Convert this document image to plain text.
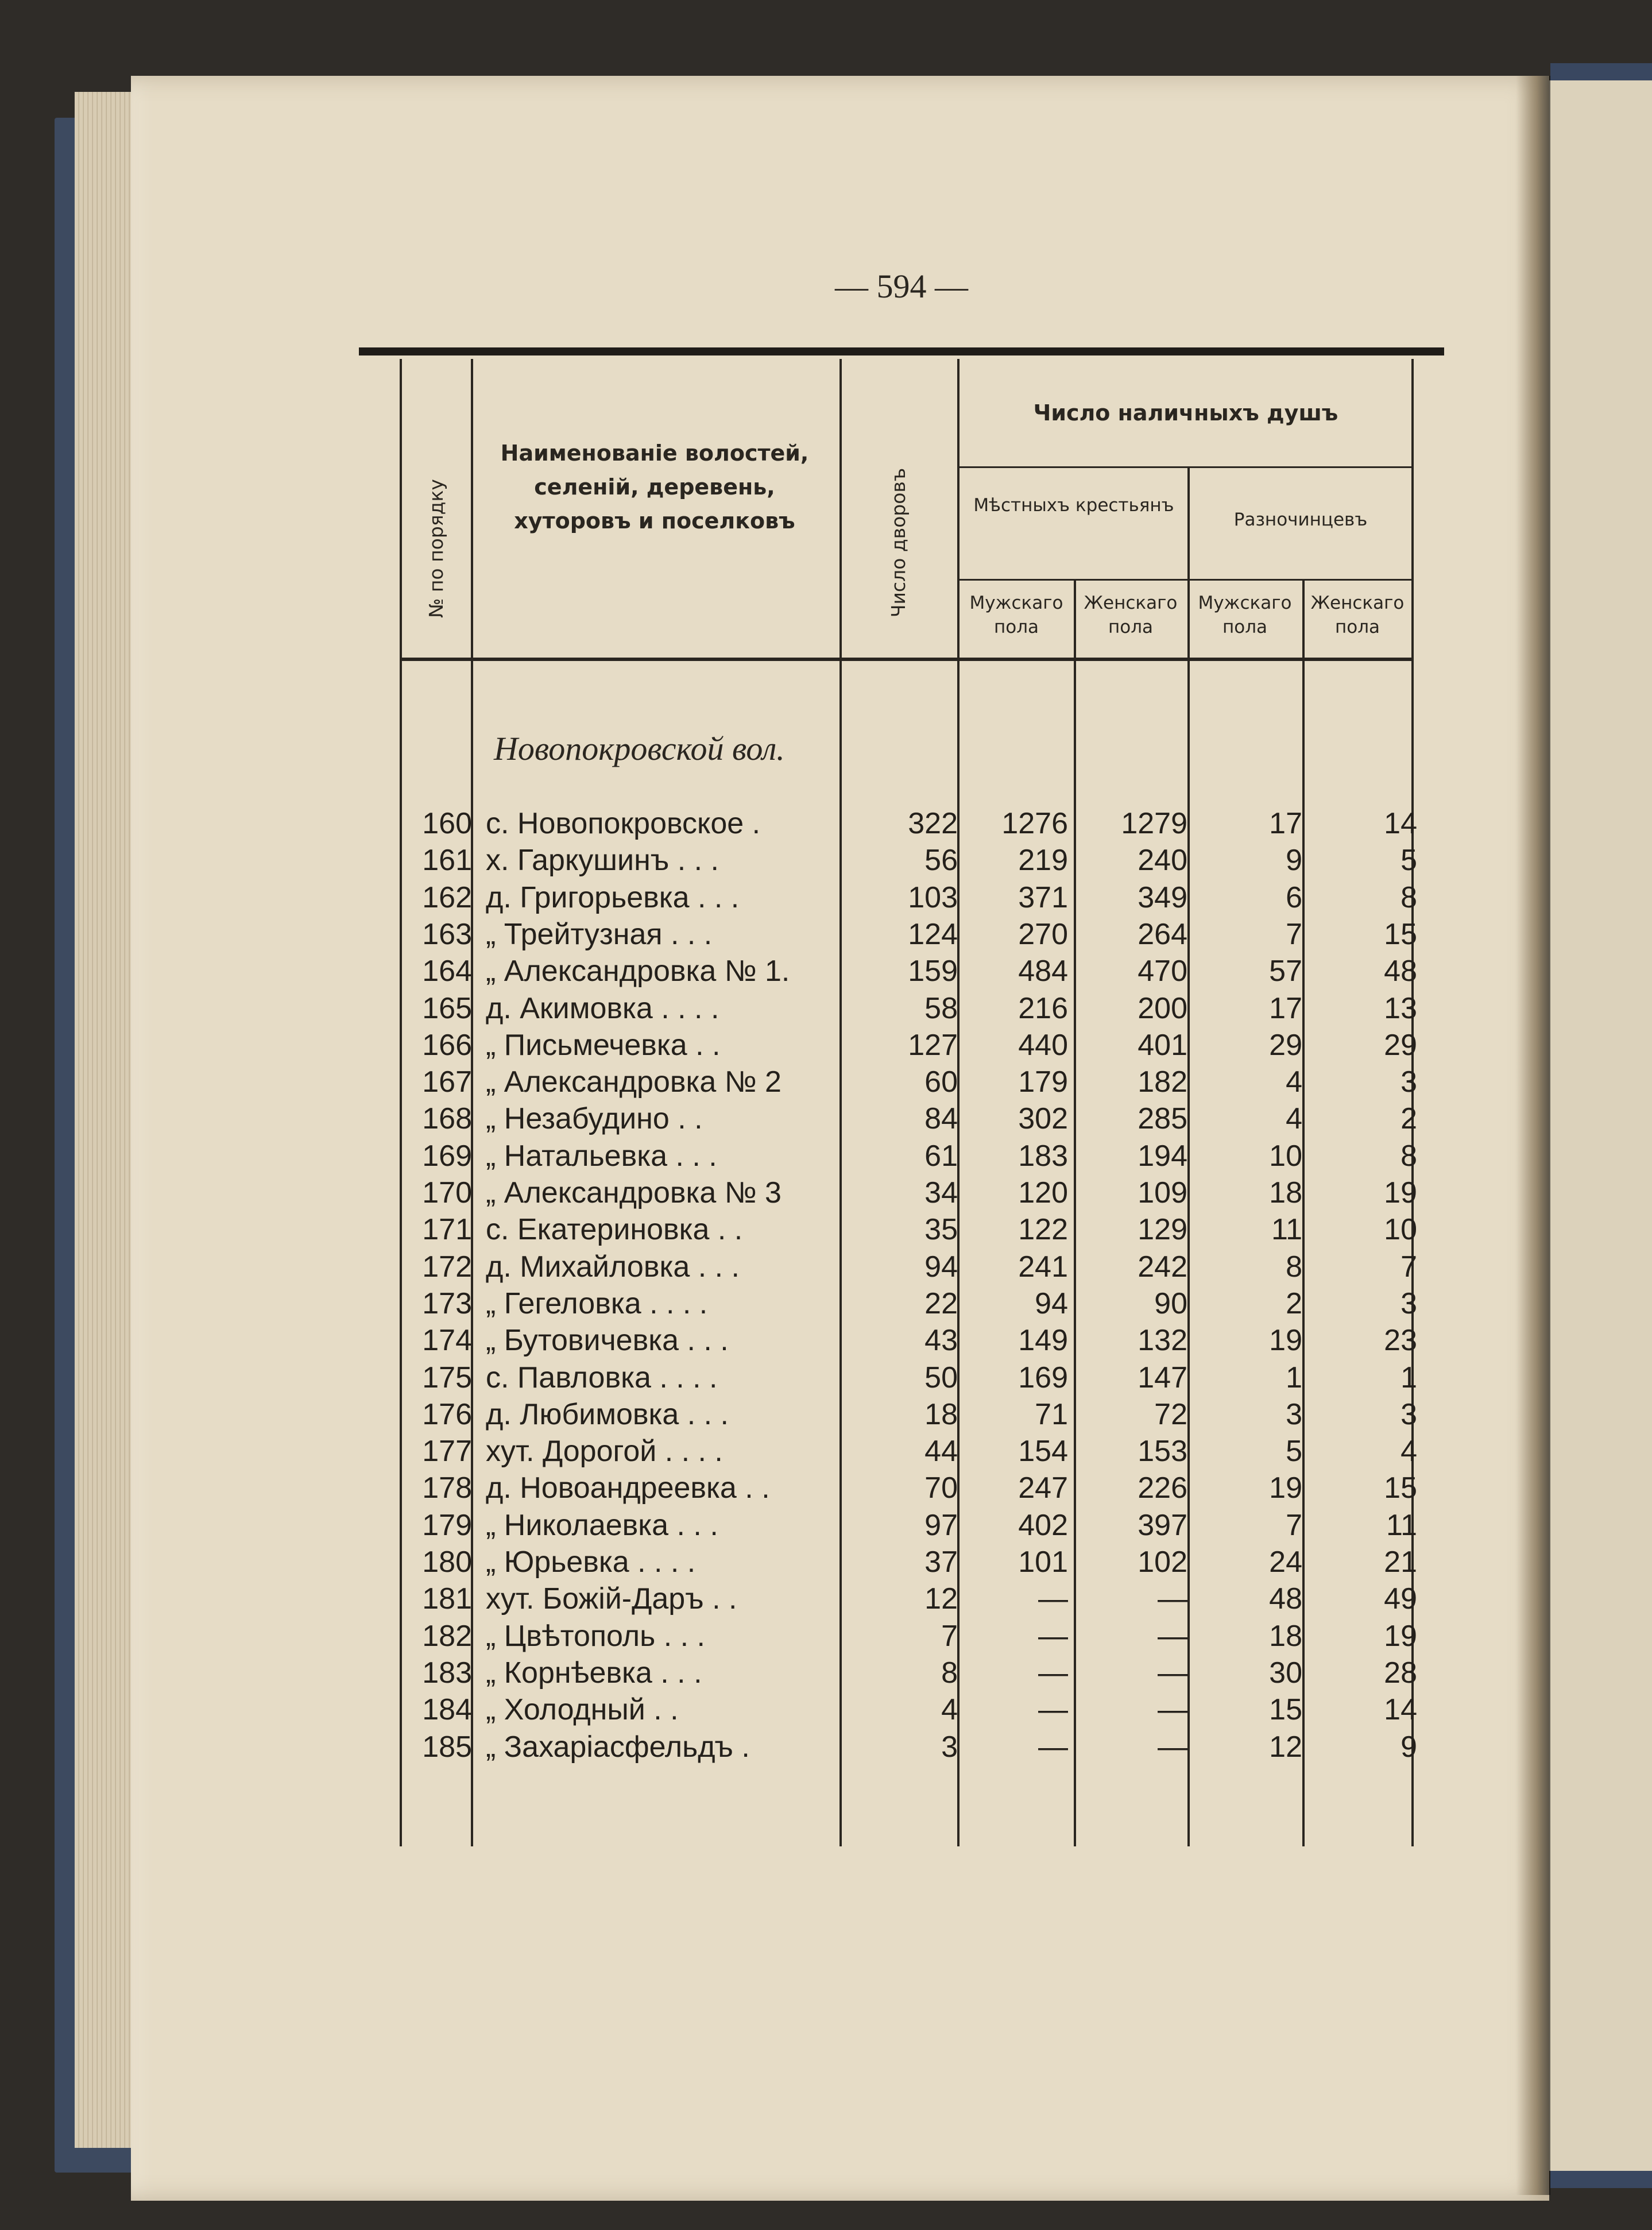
— 594 —
№ по порядку
Наименованіе волостей, селеній, деревень, хуторовъ и поселковъ	Число дворовъ
Число наличныхъ душъ
Мѣстныхъ крестьянъ
Разночинцевъ
Мужскаго пола
Женскаго пола
Мужскаго пола
Женскаго пола
Новопокровской вол.
160 с. Новопокровское .	322	1276	1279	17	14
161 х. Гаркушинъ . . .	56	219	240	9	5
162 д. Григорьевка . . .	103	371	349	6	8
163 „ Трейтузная . . .	124	270	264	7	15
164 „ Александровка № 1.	159	484	470	57	48
165 д. Акимовка . . . .	58	216	200	17	13
166 „ Письмечевка . .	127	440	401	29	29
167 „ Александровка № 2	60	179	182	4	3
168 „ Незабудино . .	84	302	285	4	2
169 „ Натальевка . . .	61	183	194	10	8
170 „ Александровка № 3	34	120	109	18	19
171 с. Екатериновка . .	35	122	129	11	10
172 д. Михайловка . . .	94	241	242	8	7
173 „ Гегеловка . . . .	22	94	90	2	3
174 „ Бутовичевка . . .	43	149	132	19	23
175 с. Павловка . . . .	50	169	147	1	1
176 д. Любимовка . . .	18	71	72	3	3
177 хут. Дорогой . . . .	44	154	153	5	4
178 д. Новоандреевка . .	70	247	226	19	15
179 „ Николаевка . . .	97	402	397	7	11
180 „ Юрьевка . . . .	37	101	102	24	21
181 хут. Божій-Даръ . .	12	—	—	48	49
182 „ Цвѣтополь . . .	7	—	—	18	19
183 „ Корнѣевка . . .	8	—	—	30	28
184 „ Холодный . .	4	—	—	15	14
185 „ Захаріасфельдъ .	3	—	—	12	9
